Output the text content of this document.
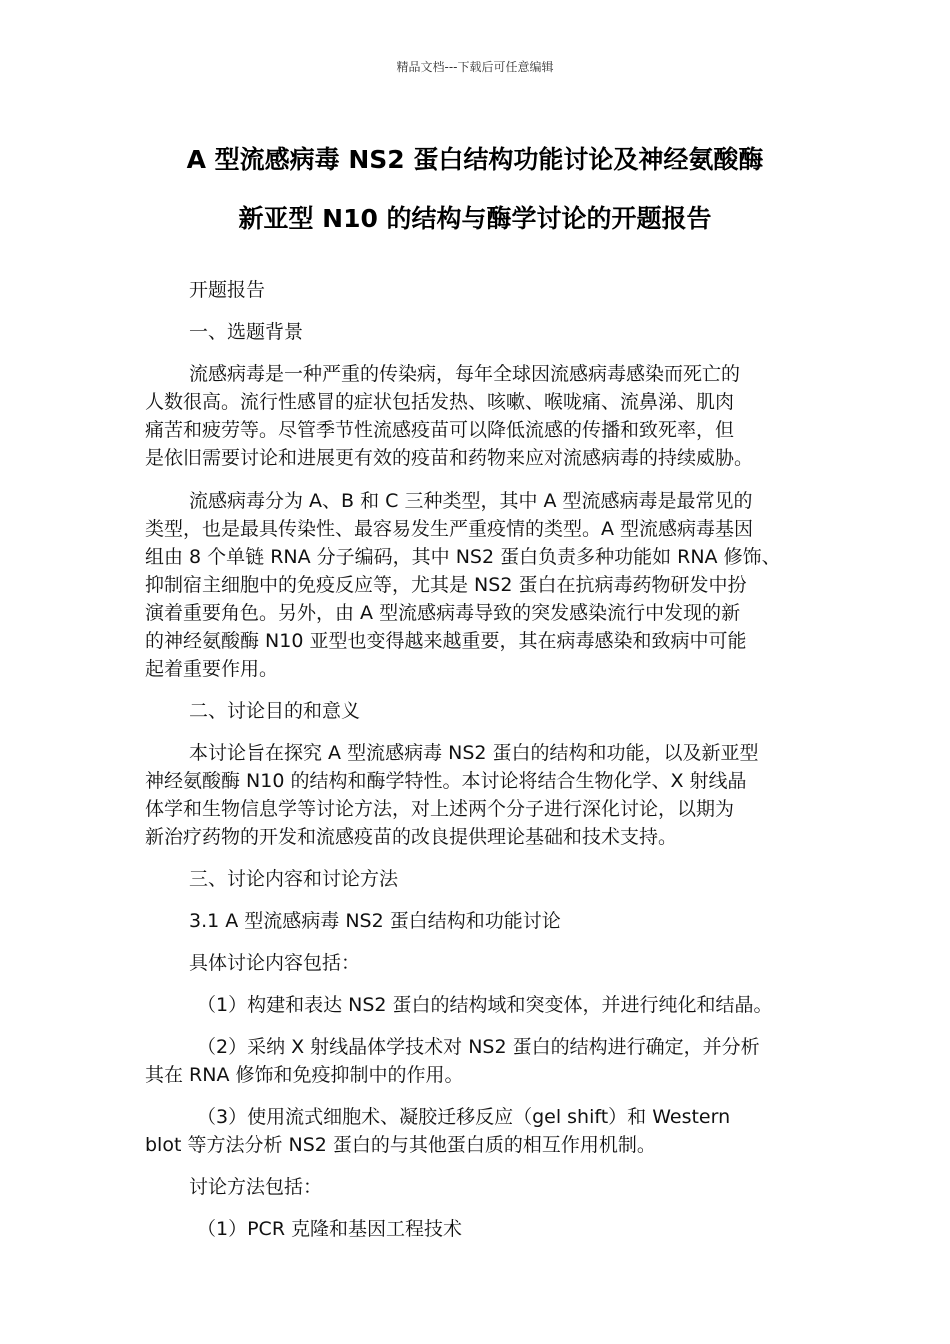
精品文档---下载后可任意编辑
A 型流感病毒 NS2 蛋白结构功能讨论及神经氨酸酶
新亚型 N10 的结构与酶学讨论的开题报告

开题报告

一、选题背景

流感病毒是一种严重的传染病，每年全球因流感病毒感染而死亡的

人数很高。流行性感冒的症状包括发热、咳嗽、喉咙痛、流鼻涕、肌肉

痛苦和疲劳等。尽管季节性流感疫苗可以降低流感的传播和致死率，但

是依旧需要讨论和进展更有效的疫苗和药物来应对流感病毒的持续威胁。

流感病毒分为 A、B 和 C 三种类型，其中 A 型流感病毒是最常见的

类型，也是最具传染性、最容易发生严重疫情的类型。A 型流感病毒基因

组由 8 个单链 RNA 分子编码，其中 NS2 蛋白负责多种功能如 RNA 修饰、

抑制宿主细胞中的免疫反应等，尤其是 NS2 蛋白在抗病毒药物研发中扮

演着重要角色。另外，由 A 型流感病毒导致的突发感染流行中发现的新

的神经氨酸酶 N10 亚型也变得越来越重要，其在病毒感染和致病中可能

起着重要作用。

二、讨论目的和意义

本讨论旨在探究 A 型流感病毒 NS2 蛋白的结构和功能，以及新亚型

神经氨酸酶 N10 的结构和酶学特性。本讨论将结合生物化学、X 射线晶

体学和生物信息学等讨论方法，对上述两个分子进行深化讨论，以期为

新治疗药物的开发和流感疫苗的改良提供理论基础和技术支持。

三、讨论内容和讨论方法

3.1 A 型流感病毒 NS2 蛋白结构和功能讨论

具体讨论内容包括：

（1）构建和表达 NS2 蛋白的结构域和突变体，并进行纯化和结晶。

（2）采纳 X 射线晶体学技术对 NS2 蛋白的结构进行确定，并分析

其在 RNA 修饰和免疫抑制中的作用。

（3）使用流式细胞术、凝胶迁移反应（gel shift）和 Western

blot 等方法分析 NS2 蛋白的与其他蛋白质的相互作用机制。

讨论方法包括：

（1）PCR 克隆和基因工程技术
